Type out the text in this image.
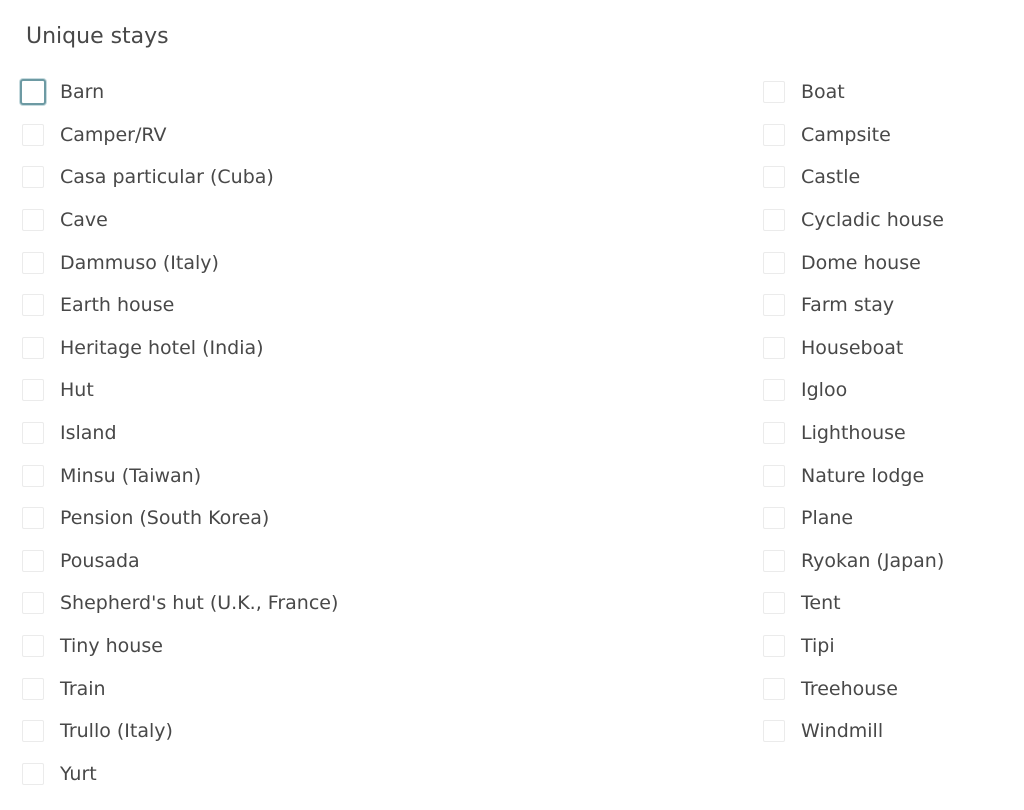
Unique stays
Barn
Camper/RV
Casa particular (Cuba)
Cave
Dammuso (Italy)
Earth house
Heritage hotel (India)
Hut
Island
Minsu (Taiwan)
Pension (South Korea)
Pousada
Shepherd's hut (U.K., France)
Tiny house
Train
Trullo (Italy)
Yurt
Boat
Campsite
Castle
Cycladic house
Dome house
Farm stay
Houseboat
Igloo
Lighthouse
Nature lodge
Plane
Ryokan (Japan)
Tent
Tipi
Treehouse
Windmill
